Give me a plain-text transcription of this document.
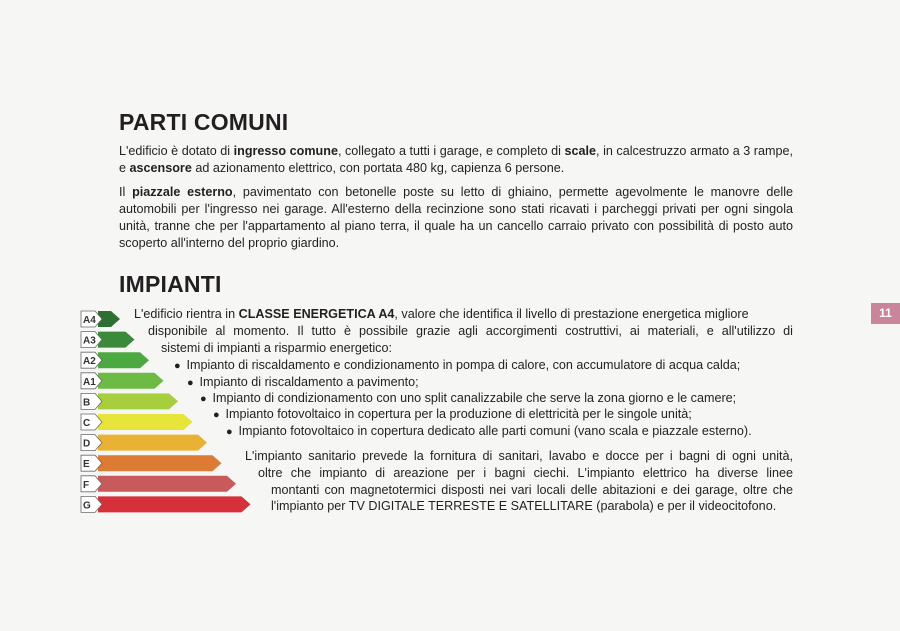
PARTI COMUNI

L'edificio è dotato di ingresso comune, collegato a tutti i garage, e completo di scale, in calcestruzzo armato a 3 rampe, e ascensore ad azionamento elettrico, con portata 480 kg, capienza 6 persone.

Il piazzale esterno, pavimentato con betonelle poste su letto di ghiaino, permette agevolmente le manovre delle automobili per l'ingresso nei garage. All'esterno della recinzione sono stati ricavati i parcheggi privati per ogni singola unità, tranne che per l'appartamento al piano terra, il quale ha un cancello carraio privato con possibilità di posto auto scoperto all'interno del proprio giardino.

IMPIANTI
A4
A3
A2
A1
B
C
D
E
F
G

L'edificio rientra in CLASSE ENERGETICA A4, valore che identifica il livello di prestazione energetica migliore

disponibile al momento. Il tutto è possibile grazie agli accorgimenti costruttivi, ai materiali, e all'utilizzo di

sistemi di impianti a risparmio energetico:

● Impianto di riscaldamento e condizionamento in pompa di calore, con accumulatore di acqua calda;

● Impianto di riscaldamento a pavimento;

● Impianto di condizionamento con uno split canalizzabile che serve la zona giorno e le camere;

● Impianto fotovoltaico in copertura per la produzione di elettricità per le singole unità;

● Impianto fotovoltaico in copertura dedicato alle parti comuni (vano scala e piazzale esterno).

L'impianto sanitario prevede la fornitura di sanitari, lavabo e docce per i bagni di ogni unità,

oltre che impianto di areazione per i bagni ciechi. L'impianto elettrico ha diverse linee

montanti con magnetotermici disposti nei vari locali delle abitazioni e dei garage, oltre che

l'impianto per TV DIGITALE TERRESTE E SATELLITARE (parabola) e per il videocitofono.

11
